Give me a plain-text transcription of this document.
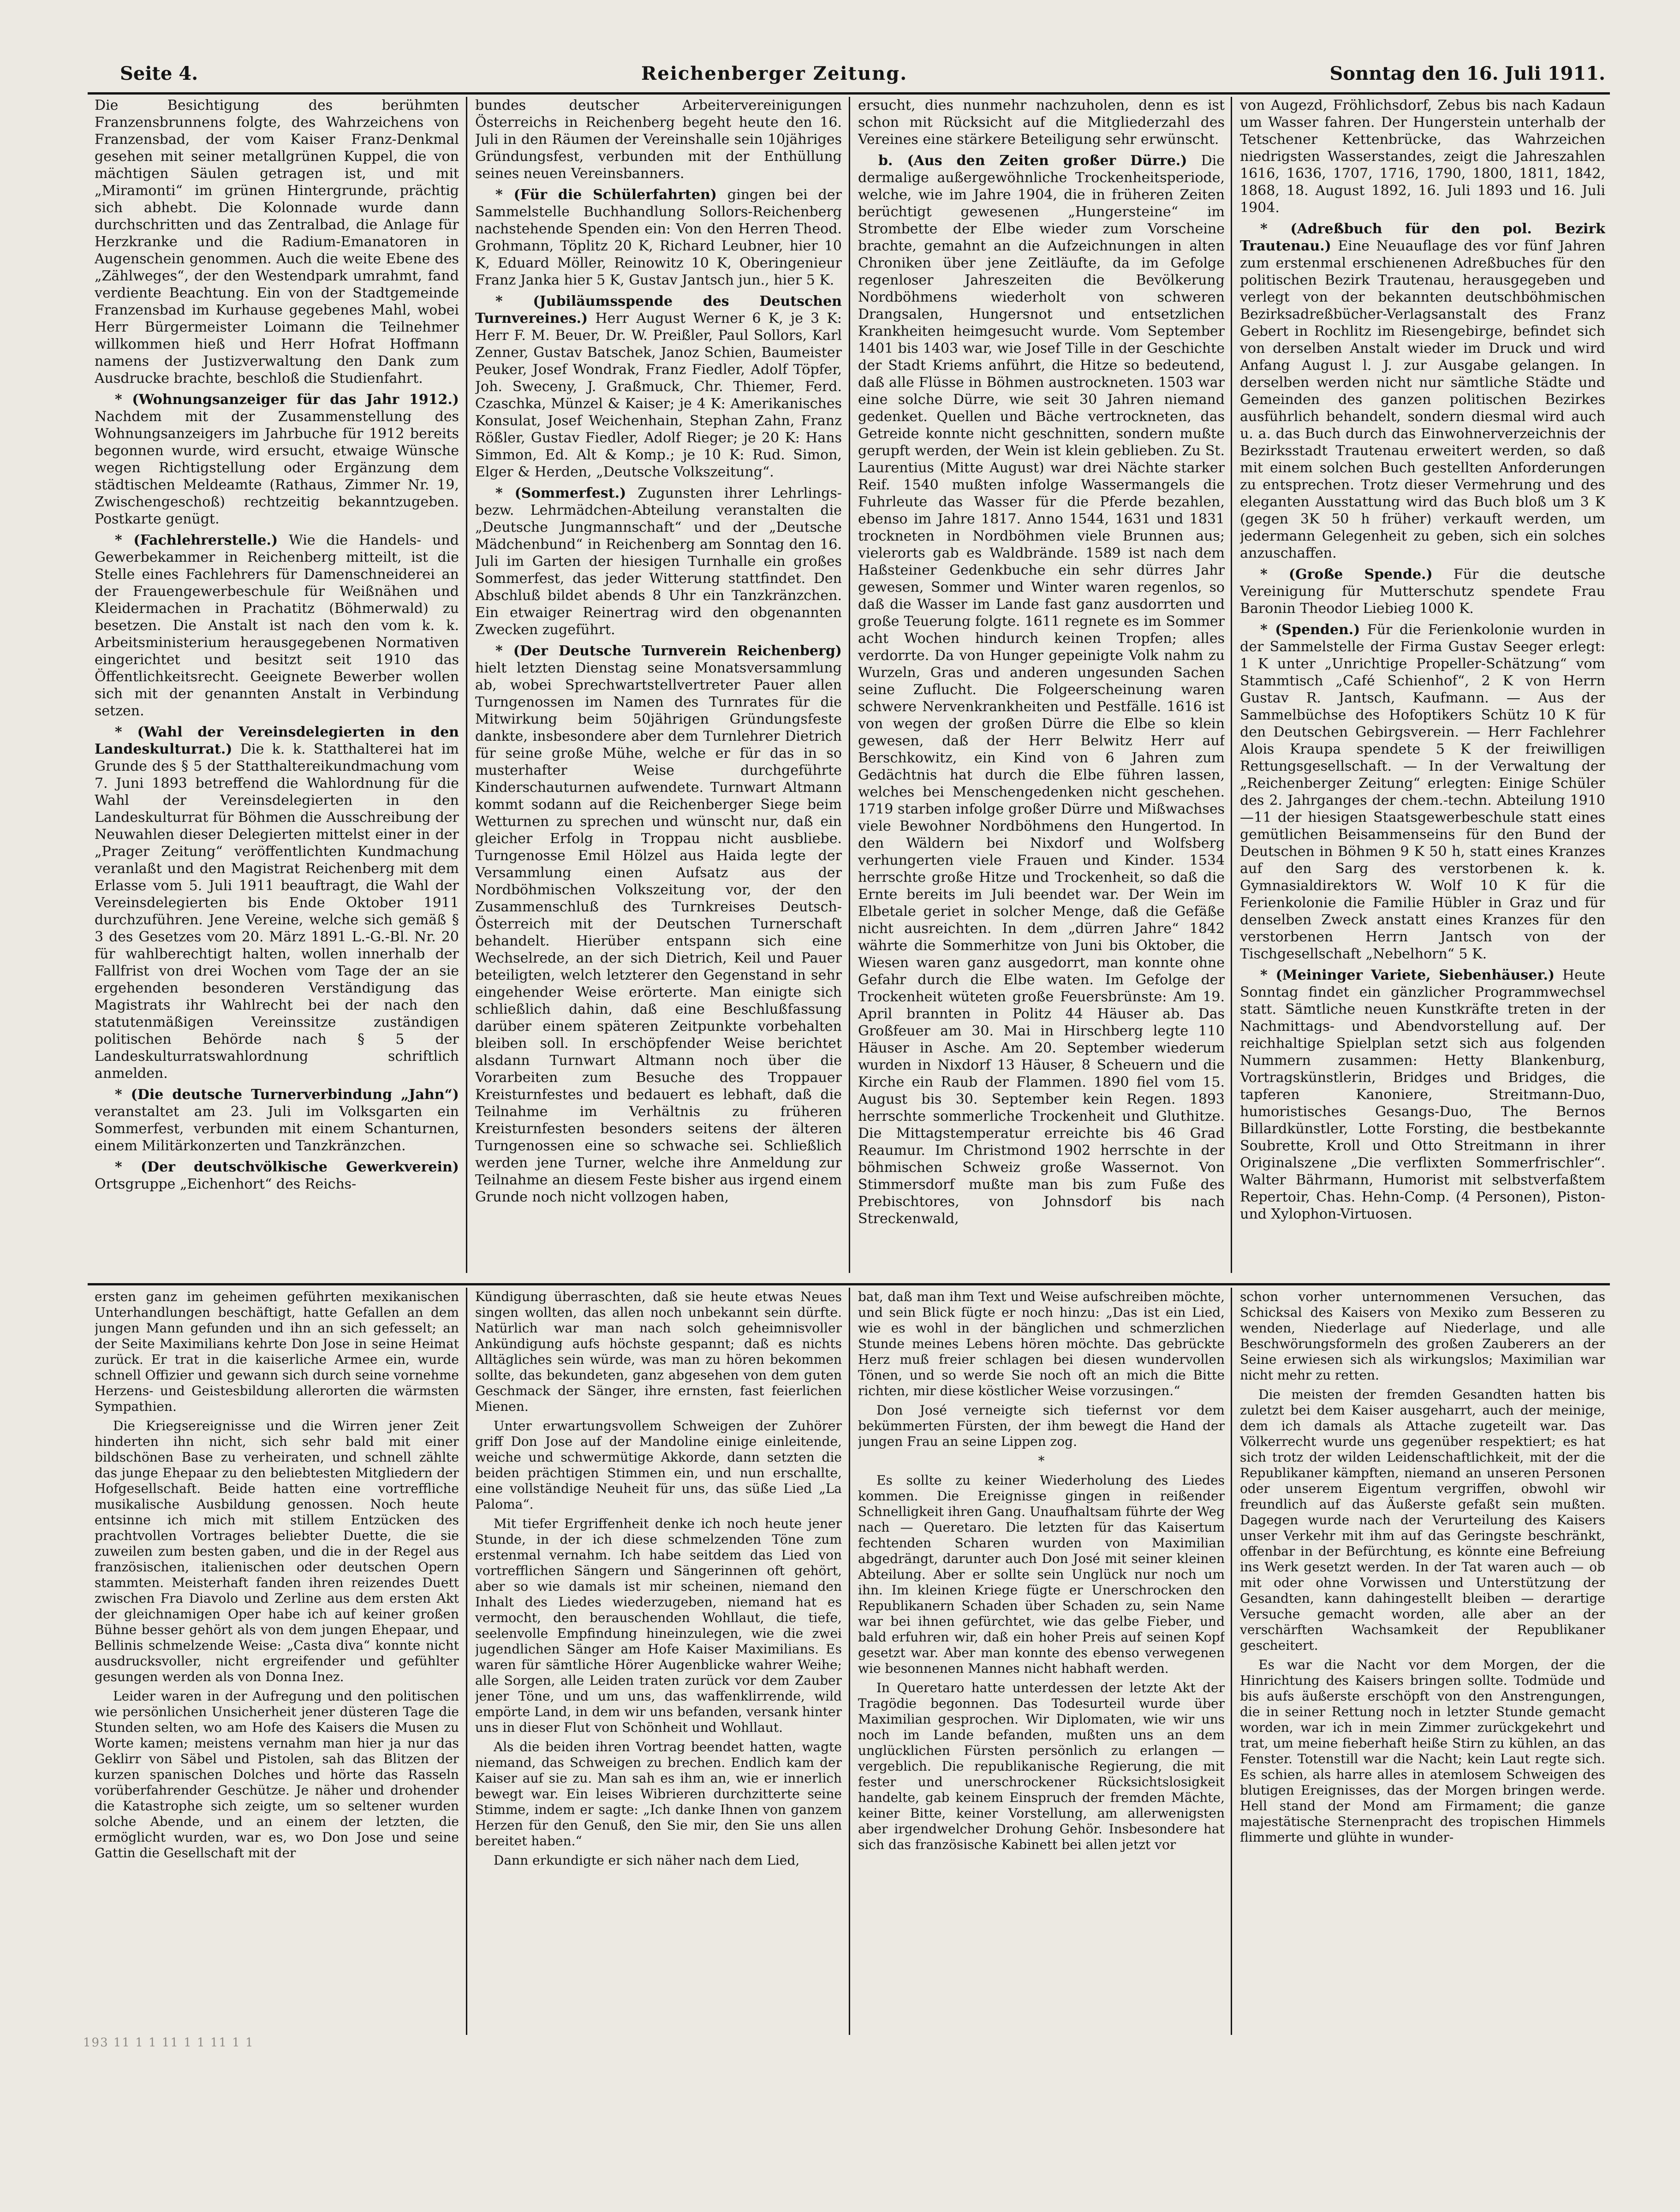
Seite 4.	Reichenberger Zeitung.	Sonntag den 16. Juli 1911.

Die Besichtigung des berühmten Franzensbrunnens folgte, des Wahrzeichens von Franzensbad, der vom Kaiser Franz-Denkmal gesehen mit seiner metallgrünen Kuppel, die von mächtigen Säulen getragen ist, und mit „Miramonti“ im grünen Hintergrunde, prächtig sich abhebt. Die Kolonnade wurde dann durchschritten und das Zentralbad, die Anlage für Herzkranke und die Radium-Emanatoren in Augenschein genommen. Auch die weite Ebene des „Zählweges“, der den Westendpark umrahmt, fand verdiente Beachtung. Ein von der Stadtgemeinde Franzensbad im Kurhause gegebenes Mahl, wobei Herr Bürgermeister Loimann die Teilnehmer willkommen hieß und Herr Hofrat Hoffmann namens der Justizverwaltung den Dank zum Ausdrucke brachte, beschloß die Studienfahrt.

* (Wohnungsanzeiger für das Jahr 1912.) Nachdem mit der Zusammenstellung des Wohnungsanzeigers im Jahrbuche für 1912 bereits begonnen wurde, wird ersucht, etwaige Wünsche wegen Richtigstellung oder Ergänzung dem städtischen Meldeamte (Rathaus, Zimmer Nr. 19, Zwischengeschoß) rechtzeitig bekanntzugeben. Postkarte genügt.

* (Fachlehrerstelle.) Wie die Handels- und Gewerbekammer in Reichenberg mitteilt, ist die Stelle eines Fachlehrers für Damenschneiderei an der Frauengewerbeschule für Weißnähen und Kleidermachen in Prachatitz (Böhmerwald) zu besetzen. Die Anstalt ist nach den vom k. k. Arbeitsministerium herausgegebenen Normativen eingerichtet und besitzt seit 1910 das Öffentlichkeitsrecht. Geeignete Bewerber wollen sich mit der genannten Anstalt in Verbindung setzen.

* (Wahl der Vereinsdelegierten in den Landeskulturrat.) Die k. k. Statthalterei hat im Grunde des § 5 der Statthaltereikundmachung vom 7. Juni 1893 betreffend die Wahlordnung für die Wahl der Vereinsdelegierten in den Landeskulturrat für Böhmen die Ausschreibung der Neuwahlen dieser Delegierten mittelst einer in der „Prager Zeitung“ veröffentlichten Kundmachung veranlaßt und den Magistrat Reichenberg mit dem Erlasse vom 5. Juli 1911 beauftragt, die Wahl der Vereinsdelegierten bis Ende Oktober 1911 durchzuführen. Jene Vereine, welche sich gemäß § 3 des Gesetzes vom 20. März 1891 L.-G.-Bl. Nr. 20 für wahlberechtigt halten, wollen innerhalb der Fallfrist von drei Wochen vom Tage der an sie ergehenden besonderen Verständigung das Magistrats ihr Wahlrecht bei der nach den statutenmäßigen Vereinssitze zuständigen politischen Behörde nach § 5 der Landeskulturratswahlordnung schriftlich anmelden.

* (Die deutsche Turnerverbindung „Jahn“) veranstaltet am 23. Juli im Volksgarten ein Sommerfest, verbunden mit einem Schanturnen, einem Militärkonzerten und Tanzkränzchen.

* (Der deutschvölkische Gewerkverein) Ortsgruppe „Eichenhort“ des Reichs-

bundes deutscher Arbeitervereinigungen Österreichs in Reichenberg begeht heute den 16. Juli in den Räumen der Vereinshalle sein 10jähriges Gründungsfest, verbunden mit der Enthüllung seines neuen Vereinsbanners.

* (Für die Schülerfahrten) gingen bei der Sammelstelle Buchhandlung Sollors-Reichenberg nachstehende Spenden ein: Von den Herren Theod. Grohmann, Töplitz 20 K, Richard Leubner, hier 10 K, Eduard Möller, Reinowitz 10 K, Oberingenieur Franz Janka hier 5 K, Gustav Jantsch jun., hier 5 K.

* (Jubiläumsspende des Deutschen Turnvereines.) Herr August Werner 6 K, je 3 K: Herr F. M. Beuer, Dr. W. Preißler, Paul Sollors, Karl Zenner, Gustav Batschek, Janoz Schien, Baumeister Peuker, Josef Wondrak, Franz Fiedler, Adolf Töpfer, Joh. Sweceny, J. Graßmuck, Chr. Thiemer, Ferd. Czaschka, Münzel & Kaiser; je 4 K: Amerikanisches Konsulat, Josef Weichenhain, Stephan Zahn, Franz Rößler, Gustav Fiedler, Adolf Rieger; je 20 K: Hans Simmon, Ed. Alt & Komp.; je 10 K: Rud. Simon, Elger & Herden, „Deutsche Volkszeitung“.

* (Sommerfest.) Zugunsten ihrer Lehrlings- bezw. Lehrmädchen-Abteilung veranstalten die „Deutsche Jungmannschaft“ und der „Deutsche Mädchenbund“ in Reichenberg am Sonntag den 16. Juli im Garten der hiesigen Turnhalle ein großes Sommerfest, das jeder Witterung stattfindet. Den Abschluß bildet abends 8 Uhr ein Tanzkränzchen. Ein etwaiger Reinertrag wird den obgenannten Zwecken zugeführt.

* (Der Deutsche Turnverein Reichenberg) hielt letzten Dienstag seine Monatsversammlung ab, wobei Sprechwartstellvertreter Pauer allen Turngenossen im Namen des Turnrates für die Mitwirkung beim 50jährigen Gründungsfeste dankte, insbesondere aber dem Turnlehrer Dietrich für seine große Mühe, welche er für das in so musterhafter Weise durchgeführte Kinderschauturnen aufwendete. Turnwart Altmann kommt sodann auf die Reichenberger Siege beim Wetturnen zu sprechen und wünscht nur, daß ein gleicher Erfolg in Troppau nicht ausbliebe. Turngenosse Emil Hölzel aus Haida legte der Versammlung einen Aufsatz aus der Nordböhmischen Volkszeitung vor, der den Zusammenschluß des Turnkreises Deutsch-Österreich mit der Deutschen Turnerschaft behandelt. Hierüber entspann sich eine Wechselrede, an der sich Dietrich, Keil und Pauer beteiligten, welch letzterer den Gegenstand in sehr eingehender Weise erörterte. Man einigte sich schließlich dahin, daß eine Beschlußfassung darüber einem späteren Zeitpunkte vorbehalten bleiben soll. In erschöpfender Weise berichtet alsdann Turnwart Altmann noch über die Vorarbeiten zum Besuche des Troppauer Kreisturnfestes und bedauert es lebhaft, daß die Teilnahme im Verhältnis zu früheren Kreisturnfesten besonders seitens der älteren Turngenossen eine so schwache sei. Schließlich werden jene Turner, welche ihre Anmeldung zur Teilnahme an diesem Feste bisher aus irgend einem Grunde noch nicht vollzogen haben,

ersucht, dies nunmehr nachzuholen, denn es ist schon mit Rücksicht auf die Mitgliederzahl des Vereines eine stärkere Beteiligung sehr erwünscht.

b. (Aus den Zeiten großer Dürre.) Die dermalige außergewöhnliche Trockenheitsperiode, welche, wie im Jahre 1904, die in früheren Zeiten berüchtigt gewesenen „Hungersteine“ im Strombette der Elbe wieder zum Vorscheine brachte, gemahnt an die Aufzeichnungen in alten Chroniken über jene Zeitläufte, da im Gefolge regenloser Jahreszeiten die Bevölkerung Nordböhmens wiederholt von schweren Drangsalen, Hungersnot und entsetzlichen Krankheiten heimgesucht wurde. Vom September 1401 bis 1403 war, wie Josef Tille in der Geschichte der Stadt Kriems anführt, die Hitze so bedeutend, daß alle Flüsse in Böhmen austrockneten. 1503 war eine solche Dürre, wie seit 30 Jahren niemand gedenket. Quellen und Bäche vertrockneten, das Getreide konnte nicht geschnitten, sondern mußte gerupft werden, der Wein ist klein geblieben. Zu St. Laurentius (Mitte August) war drei Nächte starker Reif. 1540 mußten infolge Wassermangels die Fuhrleute das Wasser für die Pferde bezahlen, ebenso im Jahre 1817. Anno 1544, 1631 und 1831 trockneten in Nordböhmen viele Brunnen aus; vielerorts gab es Waldbrände. 1589 ist nach dem Haßsteiner Gedenkbuche ein sehr dürres Jahr gewesen, Sommer und Winter waren regenlos, so daß die Wasser im Lande fast ganz ausdorrten und große Teuerung folgte. 1611 regnete es im Sommer acht Wochen hindurch keinen Tropfen; alles verdorrte. Da von Hunger gepeinigte Volk nahm zu Wurzeln, Gras und anderen ungesunden Sachen seine Zuflucht. Die Folgeerscheinung waren schwere Nervenkrankheiten und Pestfälle. 1616 ist von wegen der großen Dürre die Elbe so klein gewesen, daß der Herr Belwitz Herr auf Berschkowitz, ein Kind von 6 Jahren zum Gedächtnis hat durch die Elbe führen lassen, welches bei Menschengedenken nicht geschehen. 1719 starben infolge großer Dürre und Mißwachses viele Bewohner Nordböhmens den Hungertod. In den Wäldern bei Nixdorf und Wolfsberg verhungerten viele Frauen und Kinder. 1534 herrschte große Hitze und Trockenheit, so daß die Ernte bereits im Juli beendet war. Der Wein im Elbetale geriet in solcher Menge, daß die Gefäße nicht ausreichten. In dem „dürren Jahre“ 1842 währte die Sommerhitze von Juni bis Oktober, die Wiesen waren ganz ausgedorrt, man konnte ohne Gefahr durch die Elbe waten. Im Gefolge der Trockenheit wüteten große Feuersbrünste: Am 19. April brannten in Politz 44 Häuser ab. Das Großfeuer am 30. Mai in Hirschberg legte 110 Häuser in Asche. Am 20. September wiederum wurden in Nixdorf 13 Häuser, 8 Scheuern und die Kirche ein Raub der Flammen. 1890 fiel vom 15. August bis 30. September kein Regen. 1893 herrschte sommerliche Trockenheit und Gluthitze. Die Mittagstemperatur erreichte bis 46 Grad Reaumur. Im Christmond 1902 herrschte in der böhmischen Schweiz große Wassernot. Von Stimmersdorf mußte man bis zum Fuße des Prebischtores, von Johnsdorf bis nach Streckenwald,

von Augezd, Fröhlichsdorf, Zebus bis nach Kadaun um Wasser fahren. Der Hungerstein unterhalb der Tetschener Kettenbrücke, das Wahrzeichen niedrigsten Wasserstandes, zeigt die Jahreszahlen 1616, 1636, 1707, 1716, 1790, 1800, 1811, 1842, 1868, 18. August 1892, 16. Juli 1893 und 16. Juli 1904.

* (Adreßbuch für den pol. Bezirk Trautenau.) Eine Neuauflage des vor fünf Jahren zum erstenmal erschienenen Adreßbuches für den politischen Bezirk Trautenau, herausgegeben und verlegt von der bekannten deutschböhmischen Bezirksadreßbücher-Verlagsanstalt des Franz Gebert in Rochlitz im Riesengebirge, befindet sich von derselben Anstalt wieder im Druck und wird Anfang August l. J. zur Ausgabe gelangen. In derselben werden nicht nur sämtliche Städte und Gemeinden des ganzen politischen Bezirkes ausführlich behandelt, sondern diesmal wird auch u. a. das Buch durch das Einwohnerverzeichnis der Bezirksstadt Trautenau erweitert werden, so daß mit einem solchen Buch gestellten Anforderungen zu entsprechen. Trotz dieser Vermehrung und des eleganten Ausstattung wird das Buch bloß um 3 K (gegen 3K 50 h früher) verkauft werden, um jedermann Gelegenheit zu geben, sich ein solches anzuschaffen.

* (Große Spende.) Für die deutsche Vereinigung für Mutterschutz spendete Frau Baronin Theodor Liebieg 1000 K.

* (Spenden.) Für die Ferienkolonie wurden in der Sammelstelle der Firma Gustav Seeger erlegt: 1 K unter „Unrichtige Propeller-Schätzung“ vom Stammtisch „Café Schienhof“, 2 K von Herrn Gustav R. Jantsch, Kaufmann. — Aus der Sammelbüchse des Hofoptikers Schütz 10 K für den Deutschen Gebirgsverein. — Herr Fachlehrer Alois Kraupa spendete 5 K der freiwilligen Rettungsgesellschaft. — In der Verwaltung der „Reichenberger Zeitung“ erlegten: Einige Schüler des 2. Jahrganges der chem.-techn. Abteilung 1910—11 der hiesigen Staatsgewerbeschule statt eines gemütlichen Beisammenseins für den Bund der Deutschen in Böhmen 9 K 50 h, statt eines Kranzes auf den Sarg des verstorbenen k. k. Gymnasialdirektors W. Wolf 10 K für die Ferienkolonie die Familie Hübler in Graz und für denselben Zweck anstatt eines Kranzes für den verstorbenen Herrn Jantsch von der Tischgesellschaft „Nebelhorn“ 5 K.

* (Meininger Variete, Siebenhäuser.) Heute Sonntag findet ein gänzlicher Programmwechsel statt. Sämtliche neuen Kunstkräfte treten in der Nachmittags- und Abendvorstellung auf. Der reichhaltige Spielplan setzt sich aus folgenden Nummern zusammen: Hetty Blankenburg, Vortragskünstlerin, Bridges und Bridges, die tapferen Kanoniere, Streitmann-Duo, humoristisches Gesangs-Duo, The Bernos Billardkünstler, Lotte Forsting, die bestbekannte Soubrette, Kroll und Otto Streitmann in ihrer Originalszene „Die verflixten Sommerfrischler“. Walter Bährmann, Humorist mit selbstverfaßtem Repertoir, Chas. Hehn-Comp. (4 Personen), Piston- und Xylophon-Virtuosen.

ersten ganz im geheimen geführten mexikanischen Unterhandlungen beschäftigt, hatte Gefallen an dem jungen Mann gefunden und ihn an sich gefesselt; an der Seite Maximilians kehrte Don Jose in seine Heimat zurück. Er trat in die kaiserliche Armee ein, wurde schnell Offizier und gewann sich durch seine vornehme Herzens- und Geistesbildung allerorten die wärmsten Sympathien.

Die Kriegsereignisse und die Wirren jener Zeit hinderten ihn nicht, sich sehr bald mit einer bildschönen Base zu verheiraten, und schnell zählte das junge Ehepaar zu den beliebtesten Mitgliedern der Hofgesellschaft. Beide hatten eine vortreffliche musikalische Ausbildung genossen. Noch heute entsinne ich mich mit stillem Entzücken des prachtvollen Vortrages beliebter Duette, die sie zuweilen zum besten gaben, und die in der Regel aus französischen, italienischen oder deutschen Opern stammten. Meisterhaft fanden ihren reizendes Duett zwischen Fra Diavolo und Zerline aus dem ersten Akt der gleichnamigen Oper habe ich auf keiner großen Bühne besser gehört als von dem jungen Ehepaar, und Bellinis schmelzende Weise: „Casta diva“ konnte nicht ausdrucksvoller, nicht ergreifender und gefühlter gesungen werden als von Donna Inez.

Leider waren in der Aufregung und den politischen wie persönlichen Unsicherheit jener düsteren Tage die Stunden selten, wo am Hofe des Kaisers die Musen zu Worte kamen; meistens vernahm man hier ja nur das Geklirr von Säbel und Pistolen, sah das Blitzen der kurzen spanischen Dolches und hörte das Rasseln vorüberfahrender Geschütze. Je näher und drohender die Katastrophe sich zeigte, um so seltener wurden solche Abende, und an einem der letzten, die ermöglicht wurden, war es, wo Don Jose und seine Gattin die Gesellschaft mit der

Kündigung überraschten, daß sie heute etwas Neues singen wollten, das allen noch unbekannt sein dürfte. Natürlich war man nach solch geheimnisvoller Ankündigung aufs höchste gespannt; daß es nichts Alltägliches sein würde, was man zu hören bekommen sollte, das bekundeten, ganz abgesehen von dem guten Geschmack der Sänger, ihre ernsten, fast feierlichen Mienen.

Unter erwartungsvollem Schweigen der Zuhörer griff Don Jose auf der Mandoline einige einleitende, weiche und schwermütige Akkorde, dann setzten die beiden prächtigen Stimmen ein, und nun erschallte, eine vollständige Neuheit für uns, das süße Lied „La Paloma“.

Mit tiefer Ergriffenheit denke ich noch heute jener Stunde, in der ich diese schmelzenden Töne zum erstenmal vernahm. Ich habe seitdem das Lied von vortrefflichen Sängern und Sängerinnen oft gehört, aber so wie damals ist mir scheinen, niemand den Inhalt des Liedes wiederzugeben, niemand hat es vermocht, den berauschenden Wohllaut, die tiefe, seelenvolle Empfindung hineinzulegen, wie die zwei jugendlichen Sänger am Hofe Kaiser Maximilians. Es waren für sämtliche Hörer Augenblicke wahrer Weihe; alle Sorgen, alle Leiden traten zurück vor dem Zauber jener Töne, und um uns, das waffenklirrende, wild empörte Land, in dem wir uns befanden, versank hinter uns in dieser Flut von Schönheit und Wohllaut.

Als die beiden ihren Vortrag beendet hatten, wagte niemand, das Schweigen zu brechen. Endlich kam der Kaiser auf sie zu. Man sah es ihm an, wie er innerlich bewegt war. Ein leises Wibrieren durchzitterte seine Stimme, indem er sagte: „Ich danke Ihnen von ganzem Herzen für den Genuß, den Sie mir, den Sie uns allen bereitet haben.“

Dann erkundigte er sich näher nach dem Lied,

bat, daß man ihm Text und Weise aufschreiben möchte, und sein Blick fügte er noch hinzu: „Das ist ein Lied, wie es wohl in der bänglichen und schmerzlichen Stunde meines Lebens hören möchte. Das gebrückte Herz muß freier schlagen bei diesen wundervollen Tönen, und so werde Sie noch oft an mich die Bitte richten, mir diese köstlicher Weise vorzusingen.“

Don José verneigte sich tiefernst vor dem bekümmerten Fürsten, der ihm bewegt die Hand der jungen Frau an seine Lippen zog.

*

Es sollte zu keiner Wiederholung des Liedes kommen. Die Ereignisse gingen in reißender Schnelligkeit ihren Gang. Unaufhaltsam führte der Weg nach — Queretaro. Die letzten für das Kaisertum fechtenden Scharen wurden von Maximilian abgedrängt, darunter auch Don José mit seiner kleinen Abteilung. Aber er sollte sein Unglück nur noch um ihn. Im kleinen Kriege fügte er Unerschrocken den Republikanern Schaden über Schaden zu, sein Name war bei ihnen gefürchtet, wie das gelbe Fieber, und bald erfuhren wir, daß ein hoher Preis auf seinen Kopf gesetzt war. Aber man konnte des ebenso verwegenen wie besonnenen Mannes nicht habhaft werden.

In Queretaro hatte unterdessen der letzte Akt der Tragödie begonnen. Das Todesurteil wurde über Maximilian gesprochen. Wir Diplomaten, wie wir uns noch im Lande befanden, mußten uns an dem unglücklichen Fürsten persönlich zu erlangen — vergeblich. Die republikanische Regierung, die mit fester und unerschrockener Rücksichtslosigkeit handelte, gab keinem Einspruch der fremden Mächte, keiner Bitte, keiner Vorstellung, am allerwenigsten aber irgendwelcher Drohung Gehör. Insbesondere hat sich das französische Kabinett bei allen jetzt vor

schon vorher unternommenen Versuchen, das Schicksal des Kaisers von Mexiko zum Besseren zu wenden, Niederlage auf Niederlage, und alle Beschwörungsformeln des großen Zauberers an der Seine erwiesen sich als wirkungslos; Maximilian war nicht mehr zu retten.

Die meisten der fremden Gesandten hatten bis zuletzt bei dem Kaiser ausgeharrt, auch der meinige, dem ich damals als Attache zugeteilt war. Das Völkerrecht wurde uns gegenüber respektiert; es hat sich trotz der wilden Leidenschaftlichkeit, mit der die Republikaner kämpften, niemand an unseren Personen oder unserem Eigentum vergriffen, obwohl wir freundlich auf das Äußerste gefaßt sein mußten. Dagegen wurde nach der Verurteilung des Kaisers unser Verkehr mit ihm auf das Geringste beschränkt, offenbar in der Befürchtung, es könnte eine Befreiung ins Werk gesetzt werden. In der Tat waren auch — ob mit oder ohne Vorwissen und Unterstützung der Gesandten, kann dahingestellt bleiben — derartige Versuche gemacht worden, alle aber an der verschärften Wachsamkeit der Republikaner gescheitert.

Es war die Nacht vor dem Morgen, der die Hinrichtung des Kaisers bringen sollte. Todmüde und bis aufs äußerste erschöpft von den Anstrengungen, die in seiner Rettung noch in letzter Stunde gemacht worden, war ich in mein Zimmer zurückgekehrt und trat, um meine fieberhaft heiße Stirn zu kühlen, an das Fenster. Totenstill war die Nacht; kein Laut regte sich. Es schien, als harre alles in atemlosem Schweigen des blutigen Ereignisses, das der Morgen bringen werde. Hell stand der Mond am Firmament; die ganze majestätische Sternenpracht des tropischen Himmels flimmerte und glühte in wunder-

193 11 1 1 11 1 1 11 1 1
